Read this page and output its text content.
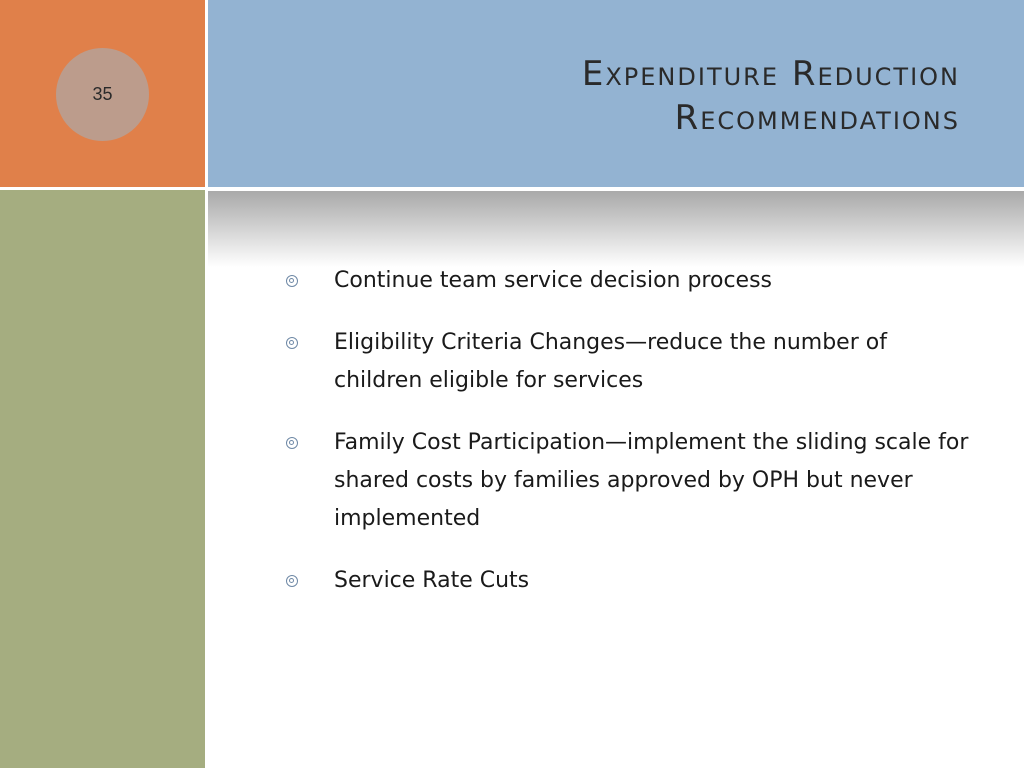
35	Expenditure Reduction
Recommendations
Continue team service decision process
Eligibility Criteria Changes—reduce the number of children eligible for services
Family Cost Participation—implement the sliding scale for shared costs by families approved by OPH but never implemented
Service Rate Cuts
